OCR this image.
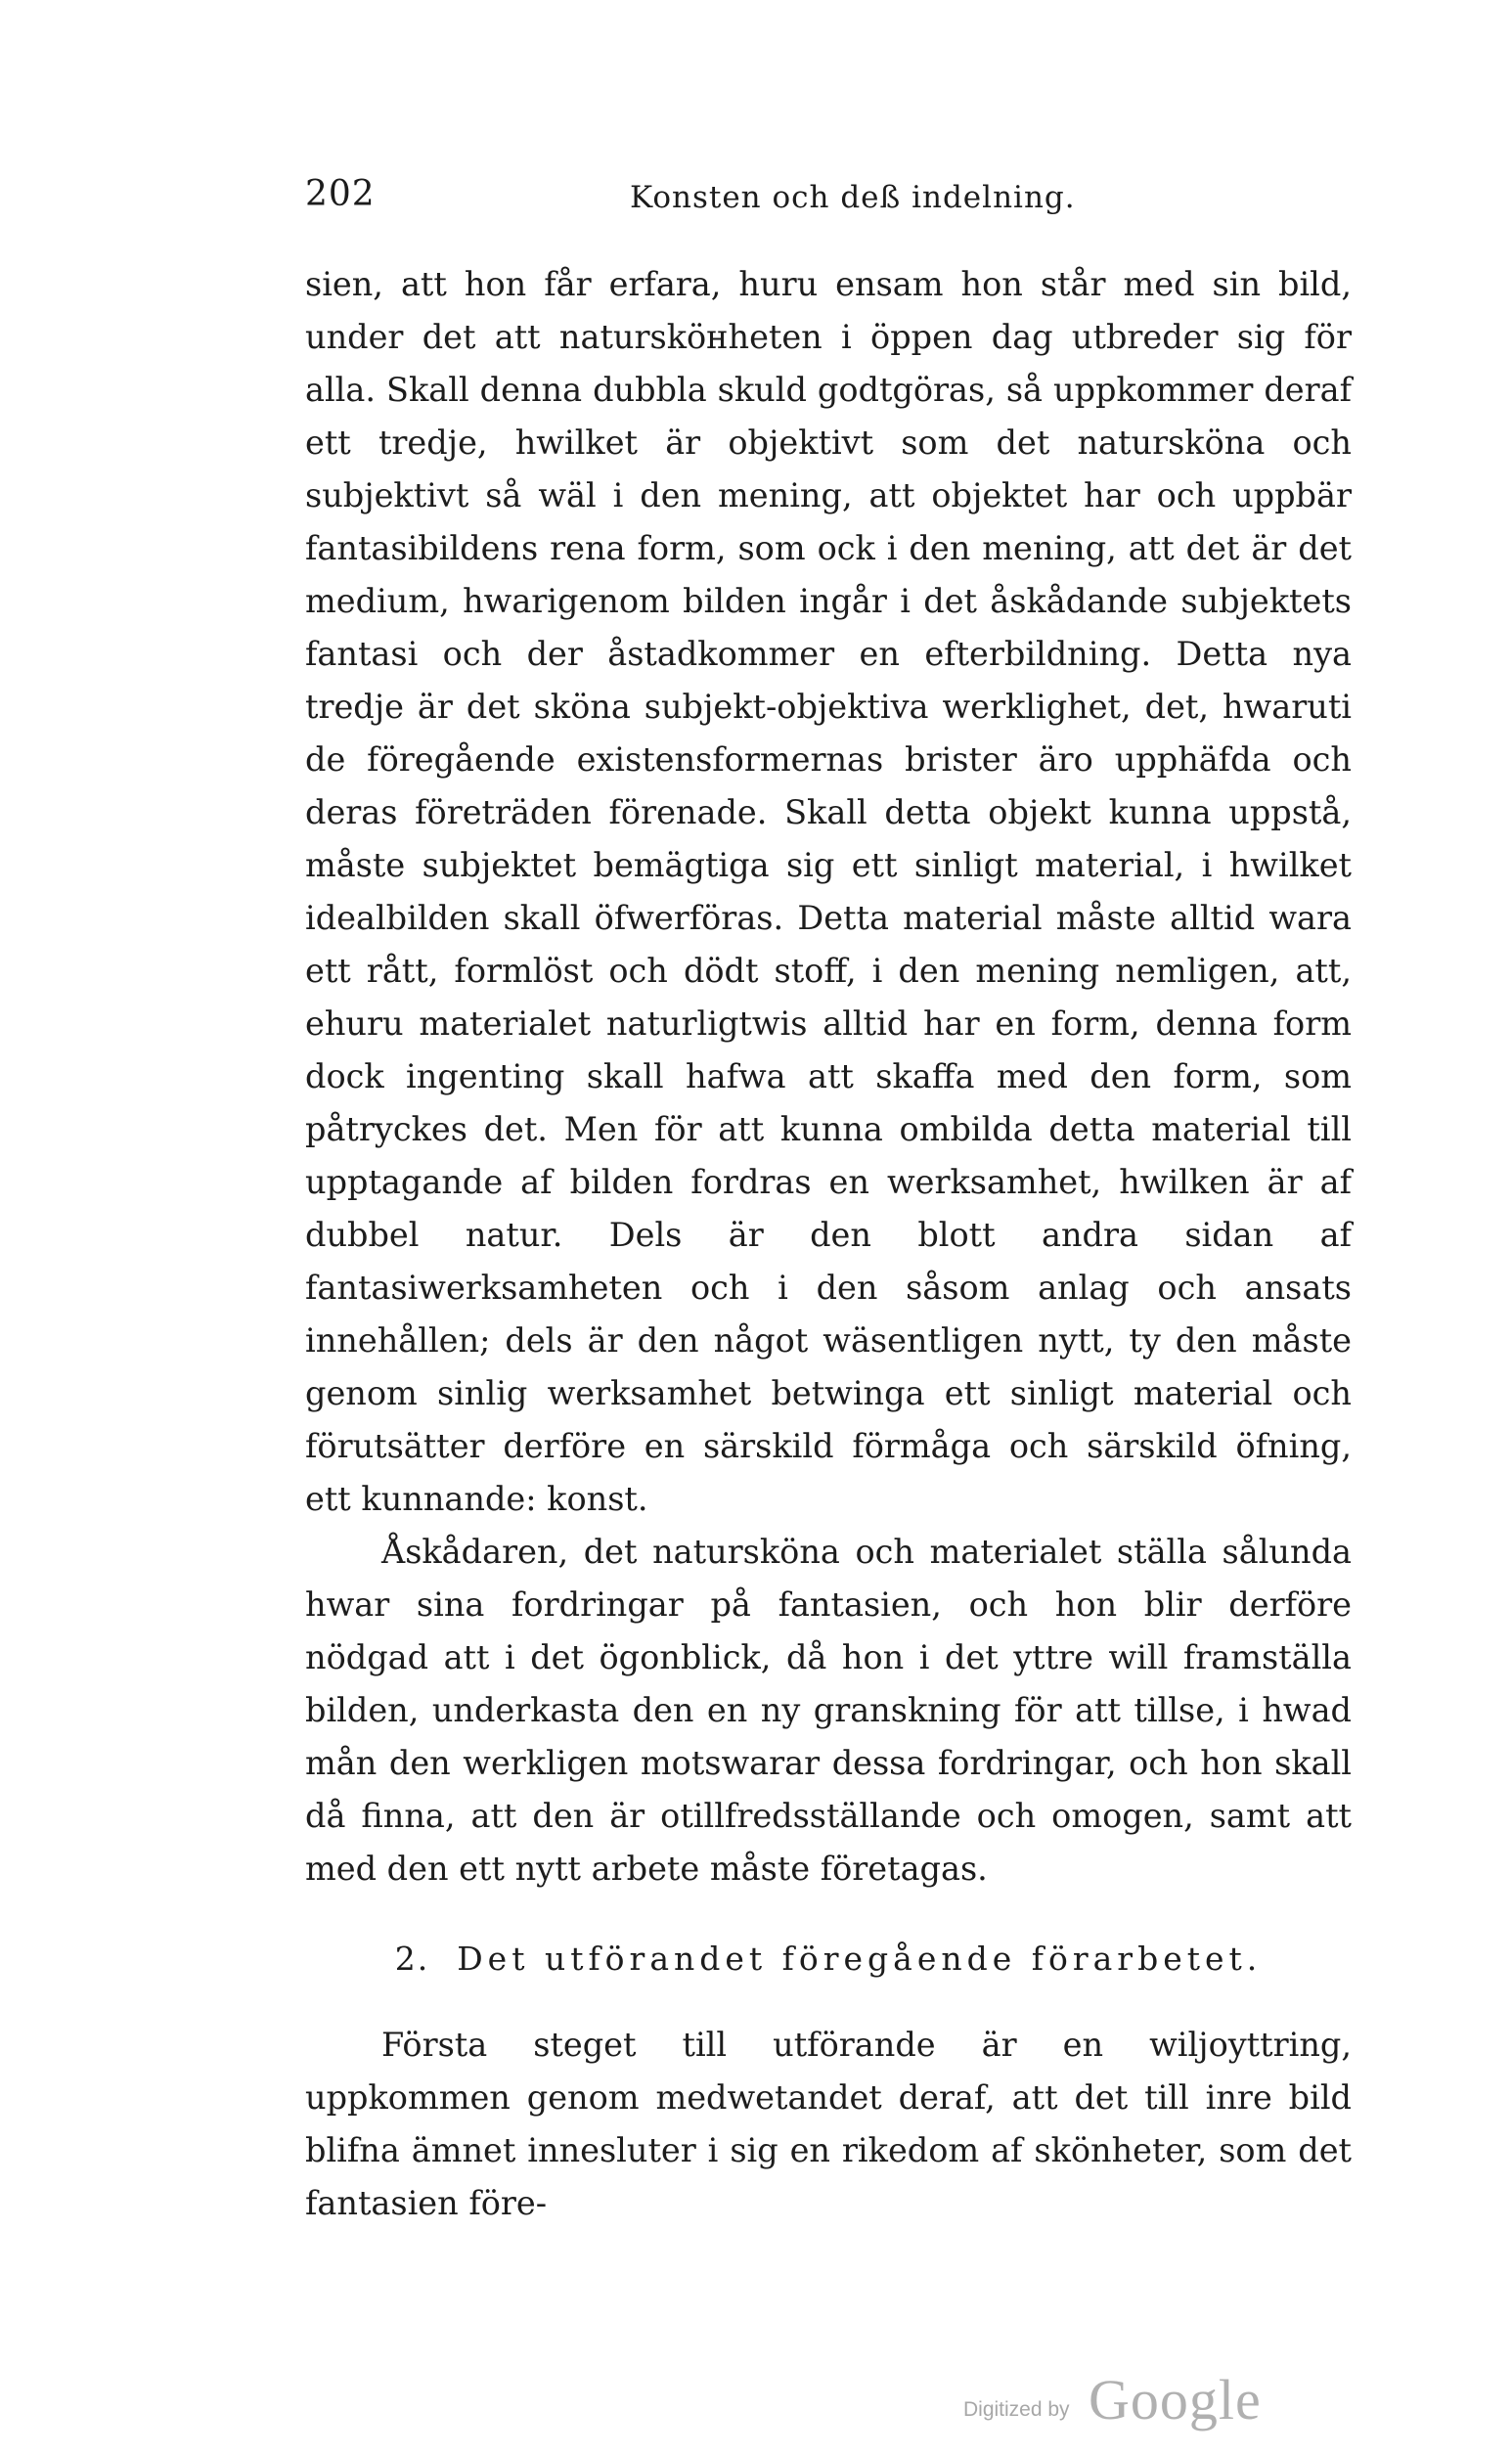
202	Konsten och deß indelning.

sien, att hon får erfara, huru ensam hon står med sin bild, under det att natursköнheten i öppen dag utbreder sig för alla. Skall denna dubbla skuld godtgöras, så uppkommer deraf ett tredje, hwilket är objektivt som det natursköna och subjektivt så wäl i den mening, att objektet har och uppbär fantasibildens rena form, som ock i den mening, att det är det medium, hwarigenom bilden ingår i det åskådande subjektets fantasi och der åstadkommer en efterbildning. Detta nya tredje är det sköna subjekt-objektiva werklighet, det, hwaruti de föregående existensformernas brister äro upphäfda och deras företräden förenade. Skall detta objekt kunna uppstå, måste subjektet bemägtiga sig ett sinligt material, i hwilket idealbilden skall öfwerföras. Detta material måste alltid wara ett rått, formlöst och dödt stoff, i den mening nemligen, att, ehuru materialet naturligtwis alltid har en form, denna form dock ingenting skall hafwa att skaffa med den form, som påtryckes det. Men för att kunna ombilda detta material till upptagande af bilden fordras en werksamhet, hwilken är af dubbel natur. Dels är den blott andra sidan af fantasiwerksamheten och i den såsom anlag och ansats innehållen; dels är den något wäsentligen nytt, ty den måste genom sinlig werksamhet betwinga ett sinligt material och förutsätter derföre en särskild förmåga och särskild öfning, ett kunnande: konst.

Åskådaren, det natursköna och materialet ställa sålunda hwar sina fordringar på fantasien, och hon blir derföre nödgad att i det ögonblick, då hon i det yttre will framställa bilden, underkasta den en ny granskning för att tillse, i hwad mån den werkligen motswarar dessa fordringar, och hon skall då finna, att den är otillfredsställande och omogen, samt att med den ett nytt arbete måste företagas.

2. Det utförandet föregående förarbetet.

Första steget till utförande är en wiljoyttring, uppkommen genom medwetandet deraf, att det till inre bild blifna ämnet innesluter i sig en rikedom af skönheter, som det fantasien före-

Digitized by Google
